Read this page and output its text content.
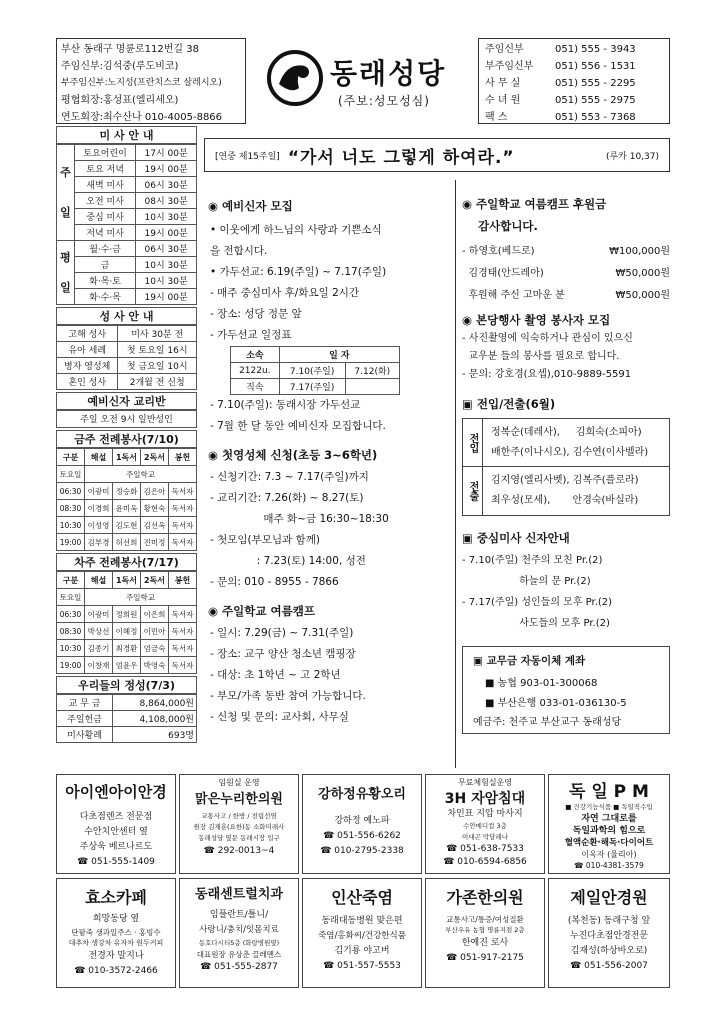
부산 동래구 명륜로112번길 38
주임신부:김석중(루도비코)
부주임신부:노지성(프란치스코 살레시오)
평협회장:홍성표(엘리세오)
연도회장:최수산나 010-4005-8866
동래성당
(주보:성모성심)
주임신부	051) 555 - 3943
부주임신부	051) 556 - 1531
사 무 실	051) 555 - 2295
수 녀 원	051) 555 - 2975
팩 스	051) 553 - 7368
미 사 안 내
주
일	토요어린이	17시 00분
	토요 저녁	19시 00분
	새벽 미사	06시 30분
	오전 미사	08시 30분
	중심 미사	10시 30분
	저녁 미사	19시 00분
평
일	월·수·금	06시 30분
	금	10시 30분
	화·목·토	10시 30분
	화·수·목	19시 00분
성 사 안 내
고해 성사	미사 30분 전
유아 세례	첫 토요일 16시
병자 영성체	첫 금요일 10시
혼인 성사	2개월 전 신청
예비신자 교리반
주일 오전 9시 일반성인
금주 전례봉사(7/10)
구분	해설	1독서	2독서	봉헌
토요일	주일학교			
06:30	이광미	정승화	김은아	독서자
08:30	이경희	윤미옥	황현숙	독서자
10:30	이성영	김도현	김선옥	독서자
19:00	김부경	허선희	진미정	독서자
차주 전례봉사(7/17)
구분	해설	1독서	2독서	봉헌
토요일	주일학교			
06:30	이광미	정희원	이은희	독서자
08:30	박상선	이혜정	이민아	독서자
10:30	김종기	최경환	엄금숙	독서자
19:00	이창재	엄윤우	박영숙	독서자
우리들의 정성(7/3)
교 무 금	8,864,000원
주일헌금	4,108,000원
미사황례	693명
[연중 제15주일] “가서 너도 그렇게 하여라.”	(루카 10,37)
◉ 예비신자 모집
• 이웃에게 하느님의 사랑과 기쁜소식
을 전합시다.
• 가두선교: 6.19(주일) ~ 7.17(주일)
- 매주 중심미사 후/화요일 2시간
- 장소: 성당 정문 앞
- 가두선교 일정표
소속	일 자	
2122u.	7.10(주일)	7.12(화)
직속	7.17(주일)	
- 7.10(주일): 동래시장 가두선교
- 7월 한 달 동안 예비신자 모집합니다.
◉ 첫영성체 신청(초등 3~6학년)
- 신청기간: 7.3 ~ 7.17(주일)까지
- 교리기간: 7.26(화) ~ 8.27(토)
매주 화~금 16:30~18:30
- 첫모임(부모님과 함께)
: 7.23(토) 14:00, 성전
- 문의: 010 - 8955 - 7866
◉ 주일학교 여름캠프
- 일시: 7.29(금) ~ 7.31(주일)
- 장소: 교구 양산 청소년 캠핑장
- 대상: 초 1학년 ~ 고 2학년
- 부모/가족 동반 참여 가능합니다.
- 신청 및 문의: 교사회, 사무실
◉ 주일학교 여름캠프 후원금
감사합니다.
- 하영호(베드로)	₩100,000원
김경태(안드레아)	₩50,000원
후원해 주신 고마운 분	₩50,000원
◉ 본당행사 촬영 봉사자 모집
- 사진촬영에 익숙하거나 관심이 있으신
교우분 들의 봉사를 필요로 합니다.
- 문의: 강호경(요셉),010-9889-5591
▣ 전입/전출(6월)
전입
정복순(데레사),     김희숙(소피아)
배한주(이나시오), 김수연(이사벨라)
전출
김지영(엘리사벳), 김복주(플로라)
최우성(모세),       안경숙(바실라)
▣ 중심미사 신자안내
- 7.10(주일) 천주의 모친 Pr.(2)
하늘의 문 Pr.(2)
- 7.17(주일) 성인들의 모후 Pr.(2)
사도들의 모후 Pr.(2)
▣ 교무금 자동이체 계좌
■ 농협 903-01-300068
■ 부산은행 033-01-036130-5
예금주: 천주교 부산교구 동래성당
아이엔아이안경
다초점렌즈 전문점
수안치안센터 옆
주상욱 베르나르도
☎ 051-555-1409
임원실 운영
맑은누리한의원
교통사고 / 한방 / 전립선염
원장 김재훈(요한)동 소화미래사
동래성당 옆문 동래시장 입구
☎ 292-0013~4
강하정유황오리
강하정 예노파
☎ 051-556-6262
☎ 010-2795-2338
무료체험실운영
3H 자암침대
차인표 지압 마사지
수안메디컬 3층
이대곤 막달레나
☎ 051-638-7533
☎ 010-6594-6856
독 일 P M
■ 건강기능식품 ■ 독일직수입
자연 그대로를
독일과학의 힘으로
혈액순환·해독·다이어트
이옥자 (율리아)
☎ 010-4381-3579
효소카페
희망동당 옆
단팥죽 생과일주스 · 홍빙수
대추차 생강차 유자차 원두커피
전경자 말지나
☎ 010-3572-2466
동래센트럴치과
임플란트/틀니/
사랑니/충치/잇몸치료
동호다시티5층 (화랑병원옆)
대표원장 유상춘 끌레멘스
☎ 051-555-2877
인산죽염
동래대동병원 맞은편
죽염/홍화씨/건강한식품
김기룡 야고버
☎ 051-557-5553
가존한의원
교통사고/통증/여성질환
부산우유 농협 명륜지점 2층
한예진 로사
☎ 051-917-2175
제일안경원
(복천동) 동래구청 앞
누진다초점안경전문
김재성(하상바오로)
☎ 051-556-2007
